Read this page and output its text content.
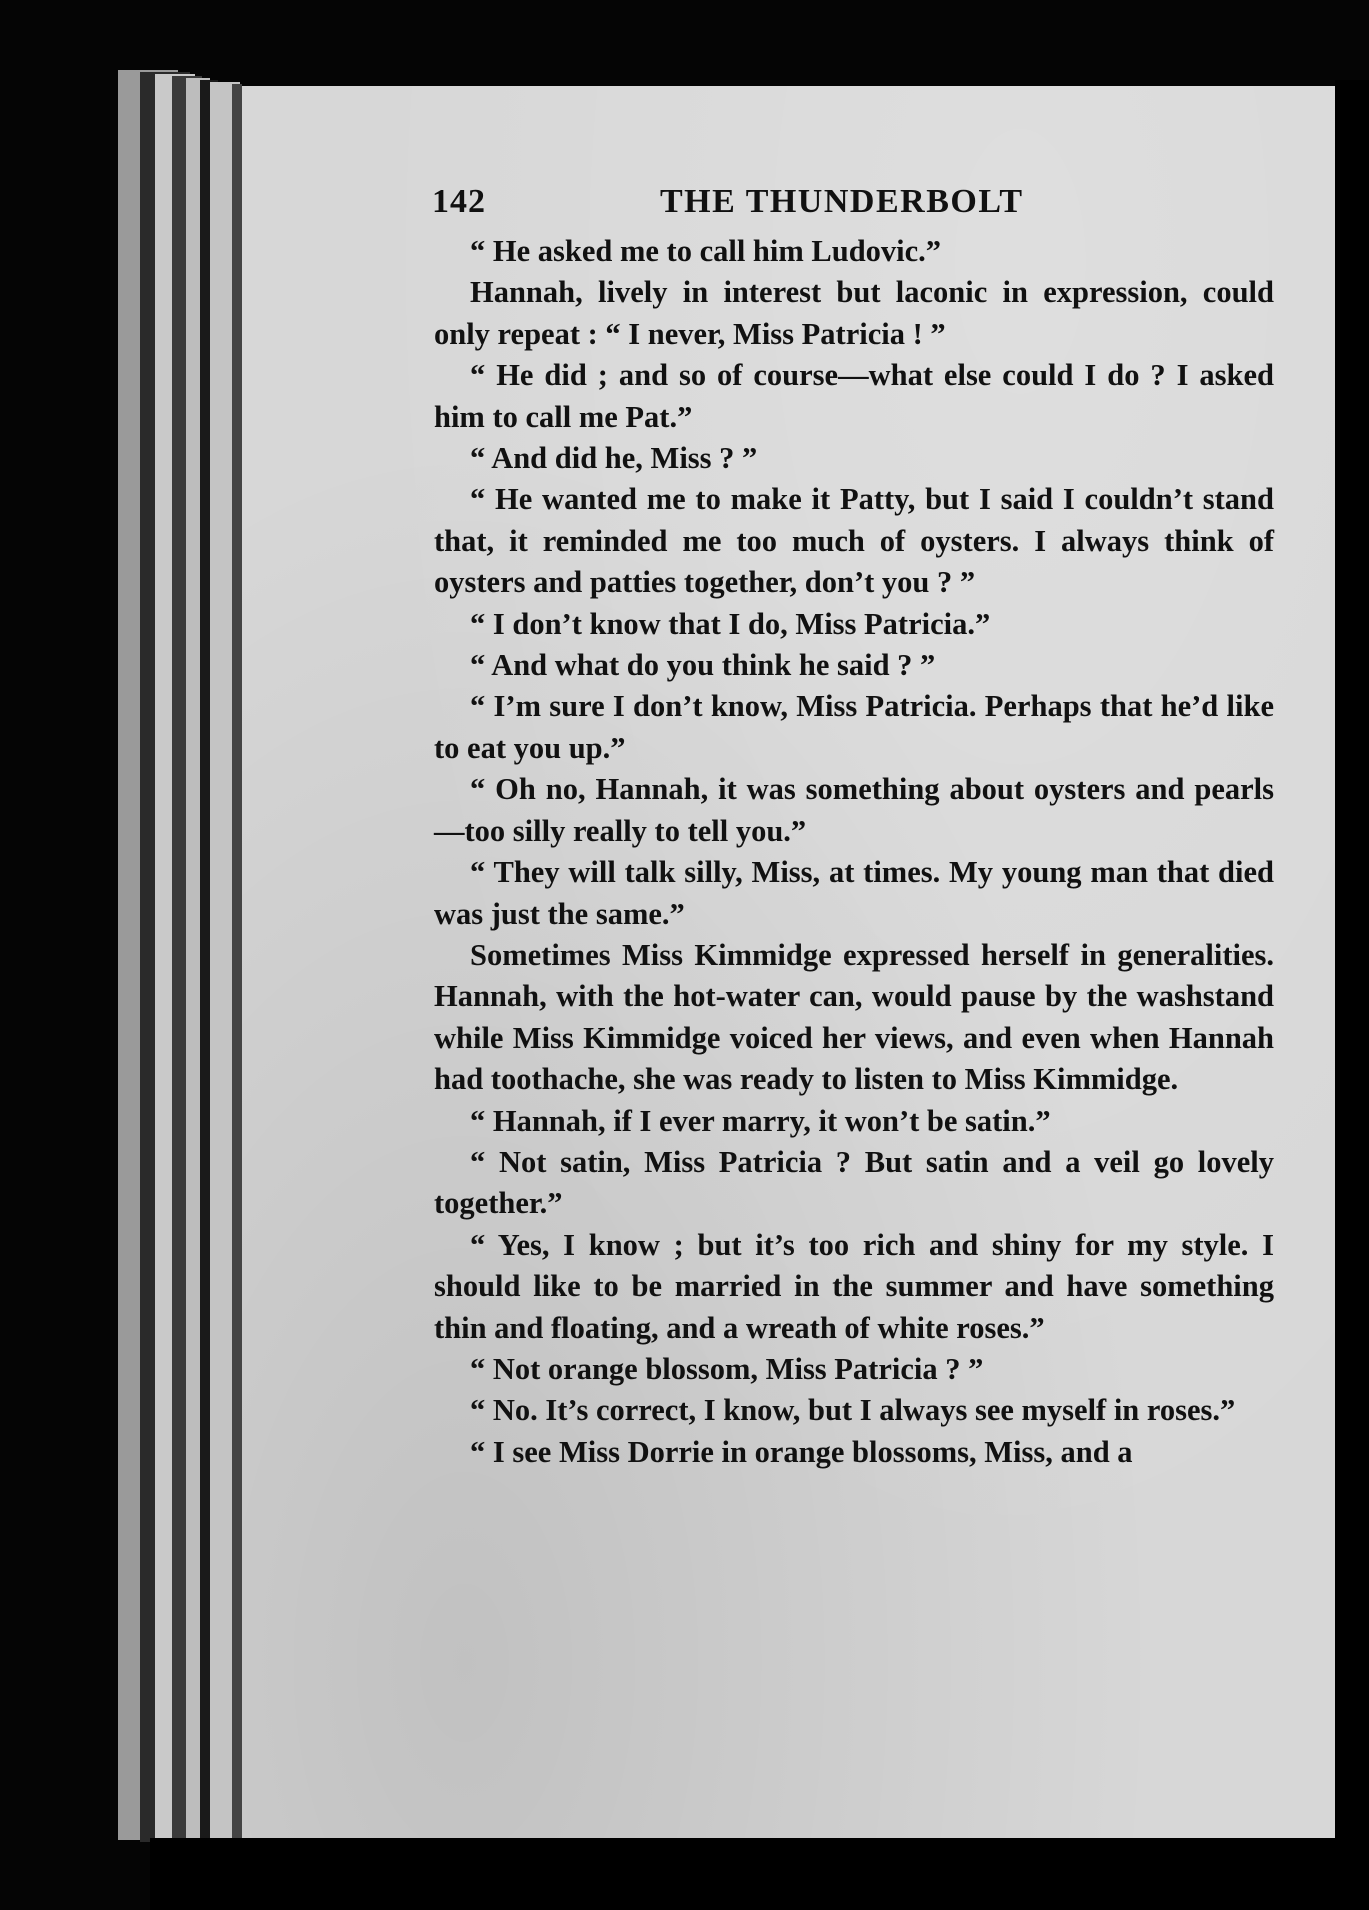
142	THE THUNDERBOLT

“ He asked me to call him Ludovic.”

Hannah, lively in interest but laconic in expression, could only repeat : “ I never, Miss Patricia ! ”

“ He did ; and so of course—what else could I do ? I asked him to call me Pat.”

“ And did he, Miss ? ”

“ He wanted me to make it Patty, but I said I couldn’t stand that, it reminded me too much of oysters. I always think of oysters and patties together, don’t you ? ”

“ I don’t know that I do, Miss Patricia.”

“ And what do you think he said ? ”

“ I’m sure I don’t know, Miss Patricia. Perhaps that he’d like to eat you up.”

“ Oh no, Hannah, it was something about oysters and pearls—too silly really to tell you.”

“ They will talk silly, Miss, at times. My young man that died was just the same.”

Sometimes Miss Kimmidge expressed herself in generalities. Hannah, with the hot-water can, would pause by the washstand while Miss Kimmidge voiced her views, and even when Hannah had toothache, she was ready to listen to Miss Kimmidge.

“ Hannah, if I ever marry, it won’t be satin.”

“ Not satin, Miss Patricia ? But satin and a veil go lovely together.”

“ Yes, I know ; but it’s too rich and shiny for my style. I should like to be married in the summer and have something thin and floating, and a wreath of white roses.”

“ Not orange blossom, Miss Patricia ? ”

“ No. It’s correct, I know, but I always see myself in roses.”

“ I see Miss Dorrie in orange blossoms, Miss, and a
